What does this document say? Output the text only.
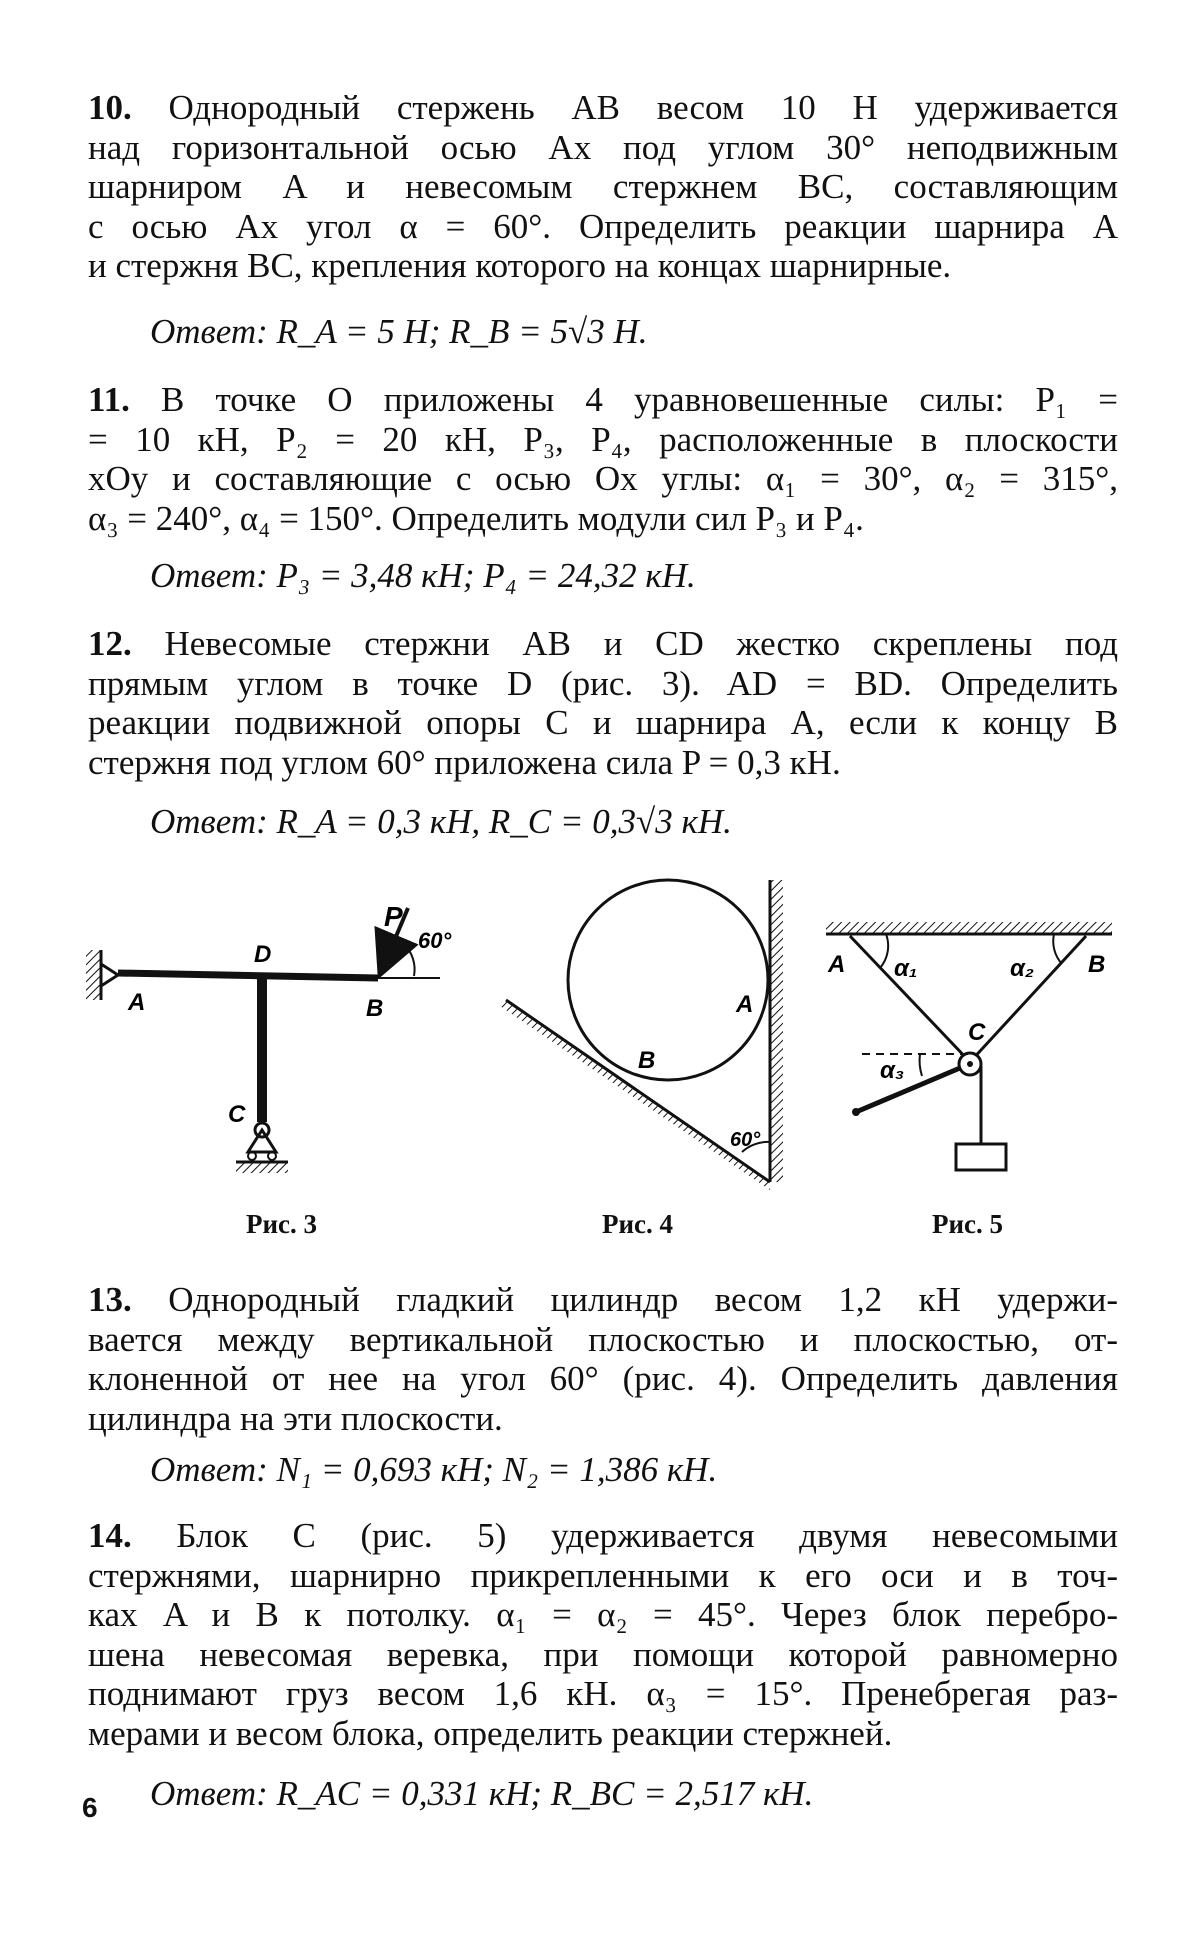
10. Однородный стержень AB весом 10 Н удерживается
над горизонтальной осью Ax под углом 30° неподвижным
шарниром A и невесомым стержнем BC, составляющим
с осью Ax угол α = 60°. Определить реакции шарнира A
и стержня BC, крепления которого на концах шарнирные.
Ответ: R_A = 5 Н; R_B = 5√3 Н.
11. В точке O приложены 4 уравновешенные силы: P₁ =
= 10 кН, P₂ = 20 кН, P₃, P₄, расположенные в плоскости
xOy и составляющие с осью Ox углы: α₁ = 30°, α₂ = 315°,
α₃ = 240°, α₄ = 150°. Определить модули сил P₃ и P₄.
Ответ: P₃ = 3,48 кН; P₄ = 24,32 кН.
12. Невесомые стержни AB и CD жестко скреплены под
прямым углом в точке D (рис. 3). AD = BD. Определить
реакции подвижной опоры C и шарнира A, если к концу B
стержня под углом 60° приложена сила P = 0,3 кН.
Ответ: R_A = 0,3 кН, R_C = 0,3√3 кН.
P
60°
D
A	B
C
A
B
60°
A	B
C
α₁	α₂
α₃
Рис. 3	Рис. 4	Рис. 5
13. Однородный гладкий цилиндр весом 1,2 кН удержи-
вается между вертикальной плоскостью и плоскостью, от-
клоненной от нее на угол 60° (рис. 4). Определить давления
цилиндра на эти плоскости.
Ответ: N₁ = 0,693 кН; N₂ = 1,386 кН.
14. Блок C (рис. 5) удерживается двумя невесомыми
стержнями, шарнирно прикрепленными к его оси и в точ-
ках A и B к потолку. α₁ = α₂ = 45°. Через блок перебро-
шена невесомая веревка, при помощи которой равномерно
поднимают груз весом 1,6 кН. α₃ = 15°. Пренебрегая раз-
мерами и весом блока, определить реакции стержней.
Ответ: R_AC = 0,331 кН; R_BC = 2,517 кН.
6
